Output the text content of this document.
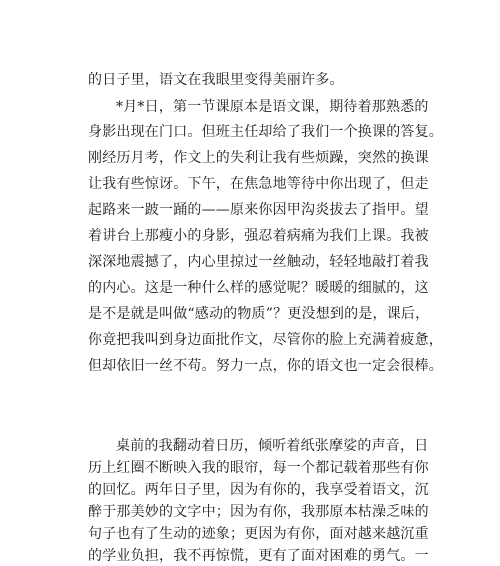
的日子里，语文在我眼里变得美丽许多。
*月*日，第一节课原本是语文课，期待着那熟悉的
身影出现在门口。但班主任却给了我们一个换课的答复。
刚经历月考，作文上的失利让我有些烦躁，突然的换课
让我有些惊讶。下午，在焦急地等待中你出现了，但走
起路来一跛一踊的——原来你因甲沟炎拔去了指甲。望
着讲台上那瘦小的身影，强忍着病痛为我们上课。我被
深深地震撼了，内心里掠过一丝触动，轻轻地敲打着我
的内心。这是一种什么样的感觉呢？暖暖的细腻的，这
是不是就是叫做“感动的物质”？更没想到的是，课后，
你竟把我叫到身边面批作文，尽管你的脸上充满着疲惫，
但却依旧一丝不苟。努力一点，你的语文也一定会很棒。
桌前的我翻动着日历，倾听着纸张摩娑的声音，日
历上红圈不断映入我的眼帘，每一个都记载着那些有你
的回忆。两年日子里，因为有你的，我享受着语文，沉
醉于那美妙的文字中；因为有你，我那原本枯澡乏味的
句子也有了生动的迹象；更因为有你，面对越来越沉重
的学业负担，我不再惊慌，更有了面对困难的勇气。一
